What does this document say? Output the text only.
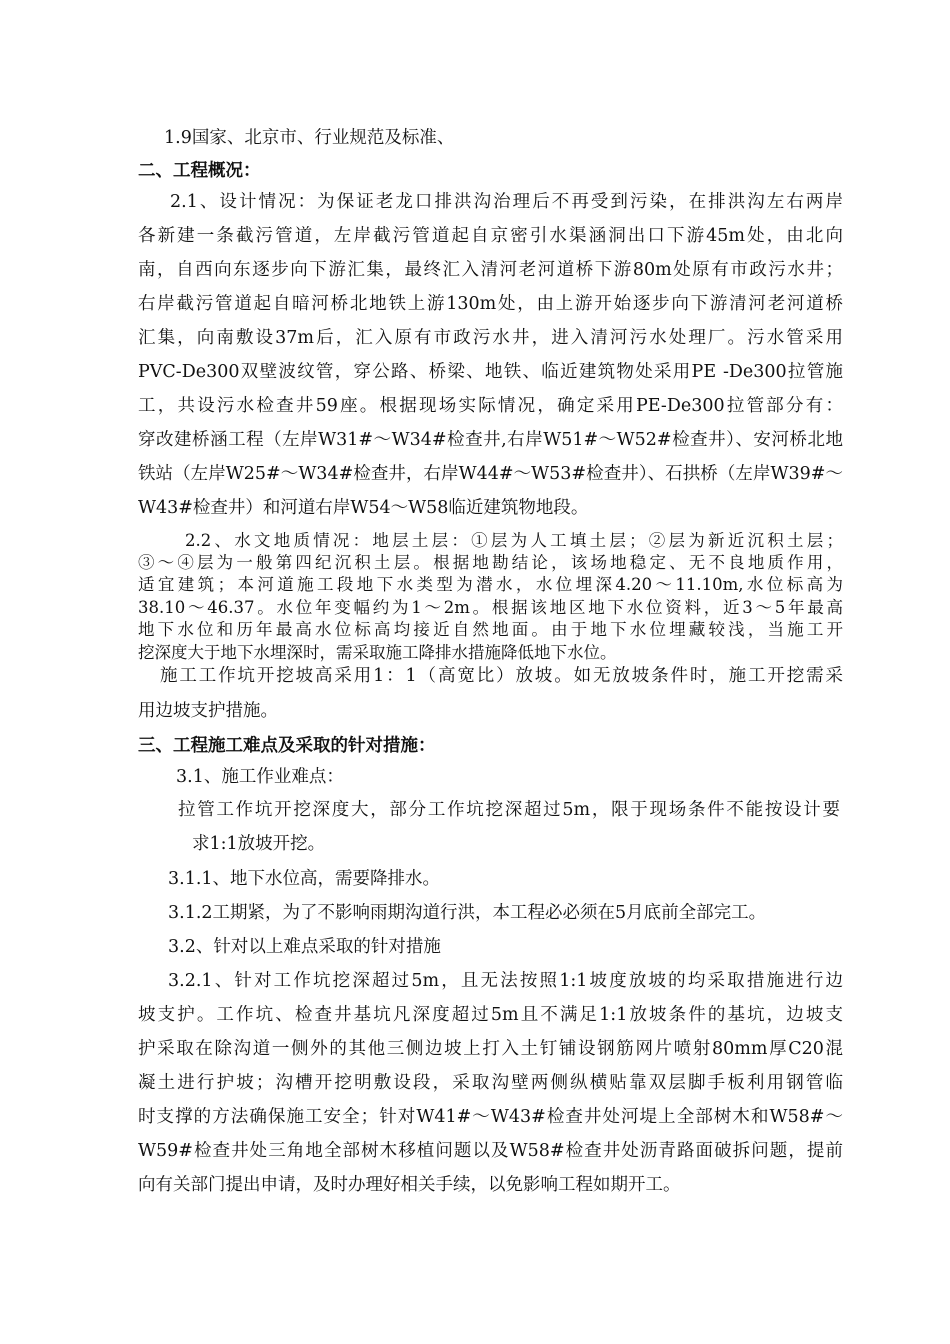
1.9国家、北京市、行业规范及标准、
二、工程概况：
2.1、设计情况：为保证老龙口排洪沟治理后不再受到污染，在排洪沟左右两岸
各新建一条截污管道，左岸截污管道起自京密引水渠涵洞出口下游45m处，由北向
南，自西向东逐步向下游汇集，最终汇入清河老河道桥下游80m处原有市政污水井；
右岸截污管道起自暗河桥北地铁上游130m处，由上游开始逐步向下游清河老河道桥
汇集，向南敷设37m后，汇入原有市政污水井，进入清河污水处理厂。污水管采用
PVC-De300双壁波纹管，穿公路、桥梁、地铁、临近建筑物处采用PE -De300拉管施
工，共设污水检查井59座。根据现场实际情况，确定采用PE-De300拉管部分有：
穿改建桥涵工程（左岸W31#～W34#检查井,右岸W51#～W52#检查井）、安河桥北地
铁站（左岸W25#～W34#检查井，右岸W44#～W53#检查井）、石拱桥（左岸W39#～
W43#检查井）和河道右岸W54～W58临近建筑物地段。
2.2、水文地质情况：地层土层：①层为人工填土层；②层为新近沉积土层；
③～④层为一般第四纪沉积土层。根据地勘结论，该场地稳定、无不良地质作用，
适宜建筑；本河道施工段地下水类型为潜水，水位埋深4.20～11.10m,水位标高为
38.10～46.37。水位年变幅约为1～2m。根据该地区地下水位资料，近3～5年最高
地下水位和历年最高水位标高均接近自然地面。由于地下水位埋藏较浅，当施工开
挖深度大于地下水埋深时，需采取施工降排水措施降低地下水位。
施工工作坑开挖坡高采用1：1（高宽比）放坡。如无放坡条件时，施工开挖需采
用边坡支护措施。
三、工程施工难点及采取的针对措施：
3.1、施工作业难点：
拉管工作坑开挖深度大，部分工作坑挖深超过5m，限于现场条件不能按设计要
求1:1放坡开挖。
3.1.1、地下水位高，需要降排水。
3.1.2工期紧，为了不影响雨期沟道行洪，本工程必必须在5月底前全部完工。
3.2、针对以上难点采取的针对措施
3.2.1、针对工作坑挖深超过5m，且无法按照1:1坡度放坡的均采取措施进行边
坡支护。工作坑、检查井基坑凡深度超过5m且不满足1:1放坡条件的基坑，边坡支
护采取在除沟道一侧外的其他三侧边坡上打入土钉铺设钢筋网片喷射80mm厚C20混
凝土进行护坡；沟槽开挖明敷设段，采取沟壁两侧纵横贴靠双层脚手板利用钢管临
时支撑的方法确保施工安全；针对W41#～W43#检查井处河堤上全部树木和W58#～
W59#检查井处三角地全部树木移植问题以及W58#检查井处沥青路面破拆问题，提前
向有关部门提出申请，及时办理好相关手续，以免影响工程如期开工。
